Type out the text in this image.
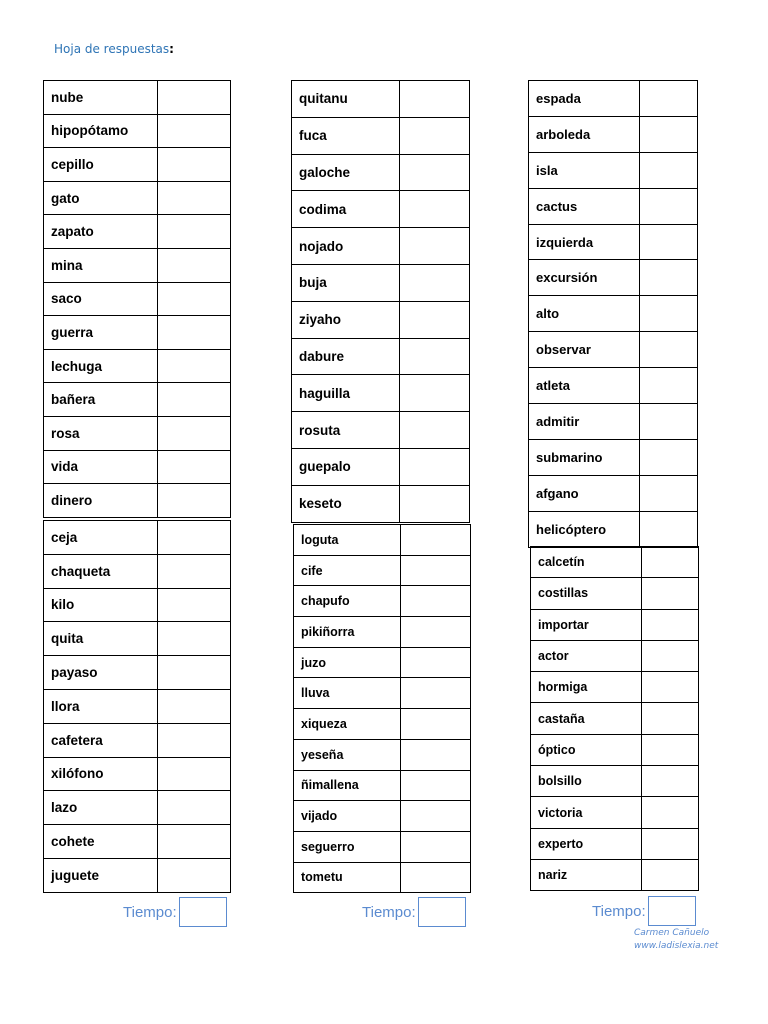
Hoja de respuestas:
nube	
hipopótamo	
cepillo	
gato	
zapato	
mina	
saco	
guerra	
lechuga	
bañera	
rosa	
vida	
dinero	
ceja	
chaqueta	
kilo	
quita	
payaso	
llora	
cafetera	
xilófono	
lazo	
cohete	
juguete	
quitanu	
fuca	
galoche	
codima	
nojado	
buja	
ziyaho	
dabure	
haguilla	
rosuta	
guepalo	
keseto	
loguta	
cife	
chapufo	
pikiñorra	
juzo	
lluva	
xiqueza	
yeseña	
ñimallena	
vijado	
seguerro	
tometu	
espada	
arboleda	
isla	
cactus	
izquierda	
excursión	
alto	
observar	
atleta	
admitir	
submarino	
afgano	
helicóptero	
calcetín	
costillas	
importar	
actor	
hormiga	
castaña	
óptico	
bolsillo	
victoria	
experto	
nariz	
Tiempo:	Tiempo:	Tiempo:
Carmen Cañuelo
www.ladislexia.net
